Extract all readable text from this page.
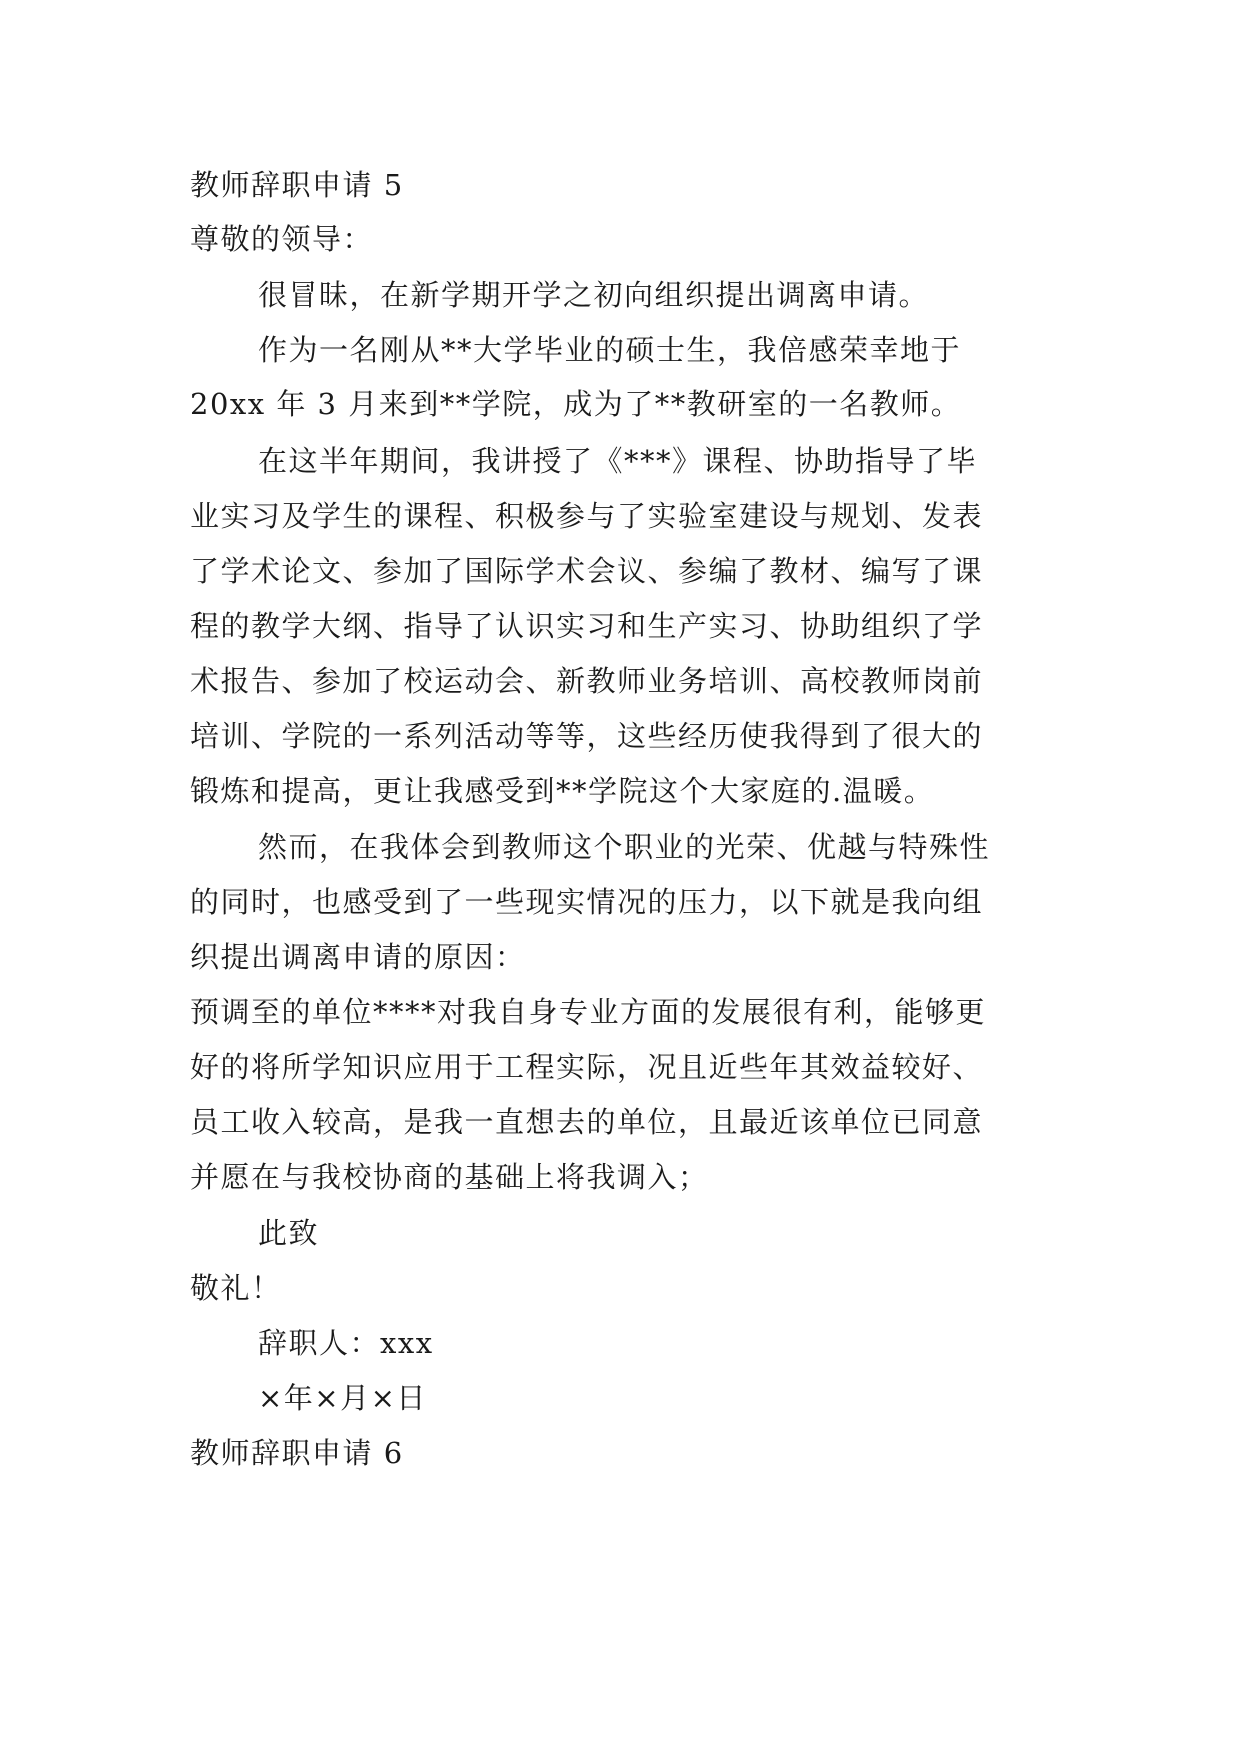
教师辞职申请 5
尊敬的领导：
很冒昧，在新学期开学之初向组织提出调离申请。
作为一名刚从**大学毕业的硕士生，我倍感荣幸地于
20xx 年 3 月来到**学院，成为了**教研室的一名教师。
在这半年期间，我讲授了《***》课程、协助指导了毕
业实习及学生的课程、积极参与了实验室建设与规划、发表
了学术论文、参加了国际学术会议、参编了教材、编写了课
程的教学大纲、指导了认识实习和生产实习、协助组织了学
术报告、参加了校运动会、新教师业务培训、高校教师岗前
培训、学院的一系列活动等等，这些经历使我得到了很大的
锻炼和提高，更让我感受到**学院这个大家庭的.温暖。
然而，在我体会到教师这个职业的光荣、优越与特殊性
的同时，也感受到了一些现实情况的压力，以下就是我向组
织提出调离申请的原因：
预调至的单位****对我自身专业方面的发展很有利，能够更
好的将所学知识应用于工程实际，况且近些年其效益较好、
员工收入较高，是我一直想去的单位，且最近该单位已同意
并愿在与我校协商的基础上将我调入；
此致
敬礼！
辞职人：xxx
×年×月×日
教师辞职申请 6
